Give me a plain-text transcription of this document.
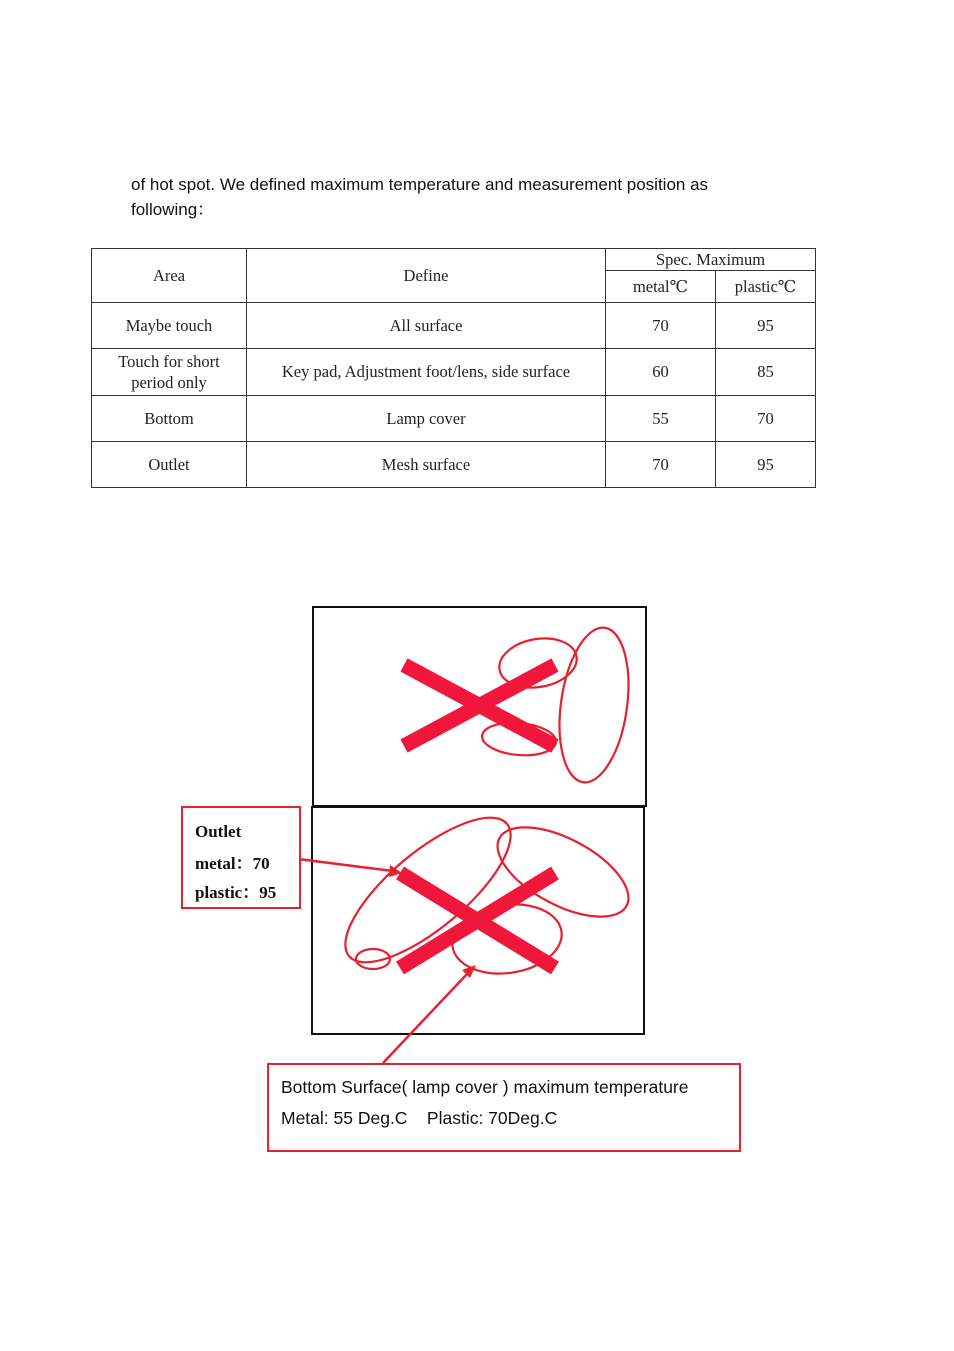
of hot spot. We defined maximum temperature and measurement position as
following：
Area	Define	Spec. Maximum	
		metal℃	plastic℃
Maybe touch	All surface	70	95
Touch for short period only	Key pad, Adjustment foot/lens, side surface	60	85
Bottom	Lamp cover	55	70
Outlet	Mesh surface	70	95
Outlet
metal：70
plastic：95
Bottom Surface( lamp cover ) maximum temperature
Metal: 55 Deg.C    Plastic: 70Deg.C
